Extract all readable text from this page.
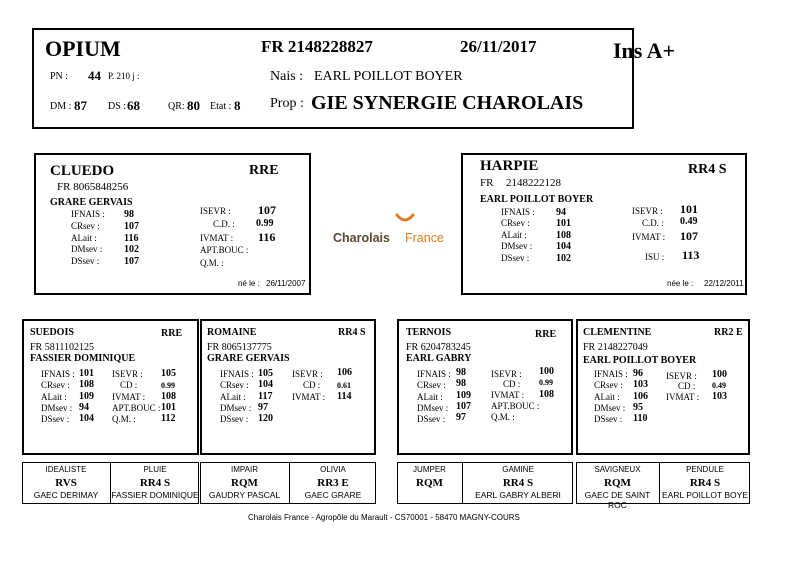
OPIUM	FR 2148228827	26/11/2017	Ins A+
PN : 44 P. 210 j :	Nais : EARL POILLOT BOYER
DM : 87 DS : 68	QR: 80 Etat : 8 Prop : GIE SYNERGIE CHAROLAIS
CLUEDO	RRE
FR 8065848256
GRARE GERVAIS
IFNAIS : 98
CRsev : 107
ALait :	116
DMsev : 102
DSsev : 107
ISEVR : 107
C.D. : 0.99
IVMAT : 116
APT.BOUC :
Q.M. :
né le : 26/11/2007
Charolais France
HARPIE	RR4 S
FR 2148222128
EARL POILLOT BOYER
IFNAIS : 94
CRsev :	101
ALait :	108
DMsev : 104
DSsev :	102
ISEVR : 101
C.D. : 0.49
IVMAT : 107
ISU : 113
née le : 22/12/2011
SUEDOIS	RRE
FR 5811102125
FASSIER DOMINIQUE
IFNAIS : 101
CRsev : 108
ALait : 109
DMsev : 94
DSsev : 104
ISEVR : 105
CD :	0.99
IVMAT : 108
APT.BOUC : 101
Q.M. :	112
ROMAINE	RR4 S
FR 8065137775
GRARE GERVAIS
IFNAIS : 105
CRsev : 104
ALait : 117
DMsev : 97
DSsev : 120
ISEVR : 106
CD : 0.61
IVMAT : 114
TERNOIS	RRE
FR 6204783245
EARL GABRY
IFNAIS : 98
CRsev : 98
ALait : 109
DMsev : 107
DSsev : 97
ISEVR : 100
CD : 0.99
IVMAT : 108
APT.BOUC :
Q.M. :
CLEMENTINE	RR2 E
FR 2148227049
EARL POILLOT BOYER
IFNAIS : 96
CRsev : 103
ALait : 106
DMsev : 95
DSsev : 110
ISEVR : 100
CD : 0.49
IVMAT : 103
IDEALISTE
RVS
GAEC DERIMAY
PLUIE
RR4 S
FASSIER DOMINIQUE
IMPAIR
RQM
GAUDRY PASCAL
OLIVIA
RR3 E
GAEC GRARE
JUMPER
RQM
GAMINE
RR4 S
EARL GABRY ALBERI
SAVIGNEUX
RQM
GAEC DE SAINT ROC
PENDULE
RR4 S
EARL POILLOT BOYE
Charolais France - Agropôle du Marault - CS70001 - 58470 MAGNY-COURS
